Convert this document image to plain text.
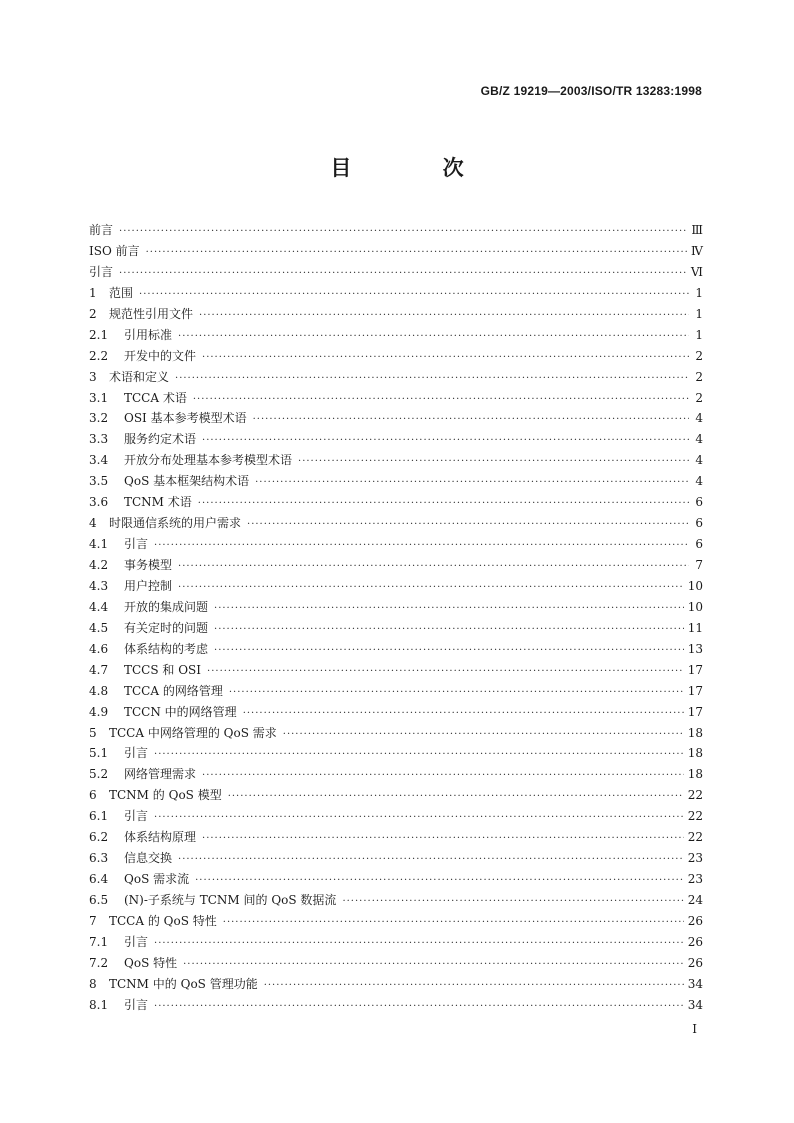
GB/Z 19219—2003/ISO/TR 13283:1998
目 次
前言 ·····	Ⅲ
ISO 前言 ·····	Ⅳ
引言 ·····	Ⅵ
1	范围 ·····	1
2	规范性引用文件 ·····	1
2.1	引用标准 ·····	1
2.2	开发中的文件 ·····	2
3	术语和定义 ·····	2
3.1	TCCA 术语 ·····	2
3.2	OSI 基本参考模型术语 ·····	4
3.3	服务约定术语 ·····	4
3.4	开放分布处理基本参考模型术语 ·····	4
3.5	QoS 基本框架结构术语 ·····	4
3.6	TCNM 术语 ·····	6
4	时限通信系统的用户需求 ·····	6
4.1	引言 ·····	6
4.2	事务模型 ·····	7
4.3	用户控制 ·····	10
4.4	开放的集成问题 ·····	10
4.5	有关定时的问题 ·····	11
4.6	体系结构的考虑 ·····	13
4.7	TCCS 和 OSI ·····	17
4.8	TCCA 的网络管理 ·····	17
4.9	TCCN 中的网络管理 ·····	17
5	TCCA 中网络管理的 QoS 需求 ·····	18
5.1	引言 ·····	18
5.2	网络管理需求 ·····	18
6	TCNM 的 QoS 模型 ·····	22
6.1	引言 ·····	22
6.2	体系结构原理 ·····	22
6.3	信息交换 ·····	23
6.4	QoS 需求流 ·····	23
6.5	(N)-子系统与 TCNM 间的 QoS 数据流 ·····	24
7	TCCA 的 QoS 特性 ·····	26
7.1	引言 ·····	26
7.2	QoS 特性 ·····	26
8	TCNM 中的 QoS 管理功能 ·····	34
8.1	引言 ·····	34
I
